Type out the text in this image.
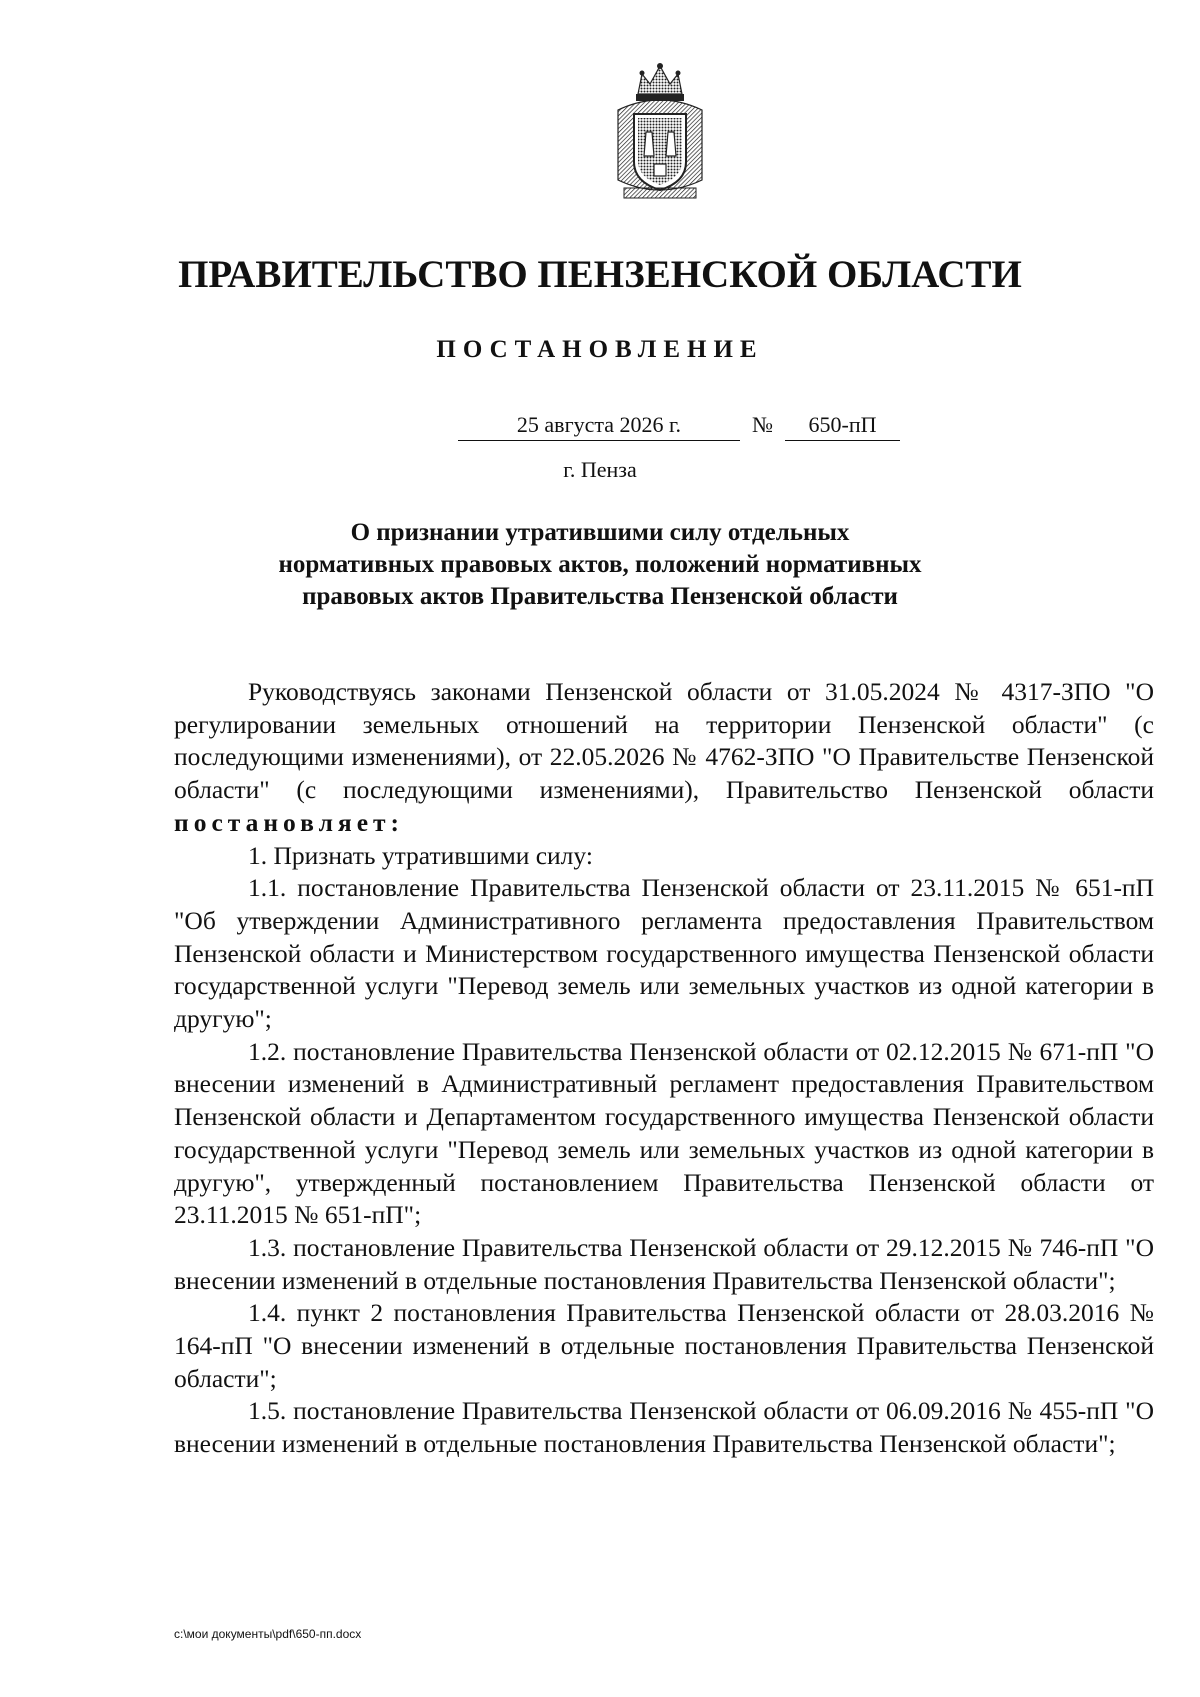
ПРАВИТЕЛЬСТВО ПЕНЗЕНСКОЙ ОБЛАСТИ
ПОСТАНОВЛЕНИЕ
25 августа 2026 г.	№	650-пП
г. Пенза
О признании утратившими силу отдельных
нормативных правовых актов, положений нормативных
правовых актов Правительства Пензенской области

Руководствуясь законами Пензенской области от 31.05.2024 № 4317-ЗПО "О регулировании земельных отношений на территории Пензенской области" (с последующими изменениями), от 22.05.2026 № 4762-ЗПО "О Правительстве Пензенской области" (с последующими изменениями), Правительство Пензенской области постановляет:

1. Признать утратившими силу:

1.1. постановление Правительства Пензенской области от 23.11.2015 № 651-пП "Об утверждении Административного регламента предоставления Правительством Пензенской области и Министерством государственного имущества Пензенской области государственной услуги "Перевод земель или земельных участков из одной категории в другую";

1.2. постановление Правительства Пензенской области от 02.12.2015 № 671-пП "О внесении изменений в Административный регламент предоставления Правительством Пензенской области и Департаментом государственного имущества Пензенской области государственной услуги "Перевод земель или земельных участков из одной категории в другую", утвержденный постановлением Правительства Пензенской области от 23.11.2015 № 651-пП";

1.3. постановление Правительства Пензенской области от 29.12.2015 № 746-пП "О внесении изменений в отдельные постановления Правительства Пензенской области";

1.4. пункт 2 постановления Правительства Пензенской области от 28.03.2016 № 164-пП "О внесении изменений в отдельные постановления Правительства Пензенской области";

1.5. постановление Правительства Пензенской области от 06.09.2016 № 455-пП "О внесении изменений в отдельные постановления Правительства Пензенской области";

c:\мои документы\pdf\650-пп.docx
